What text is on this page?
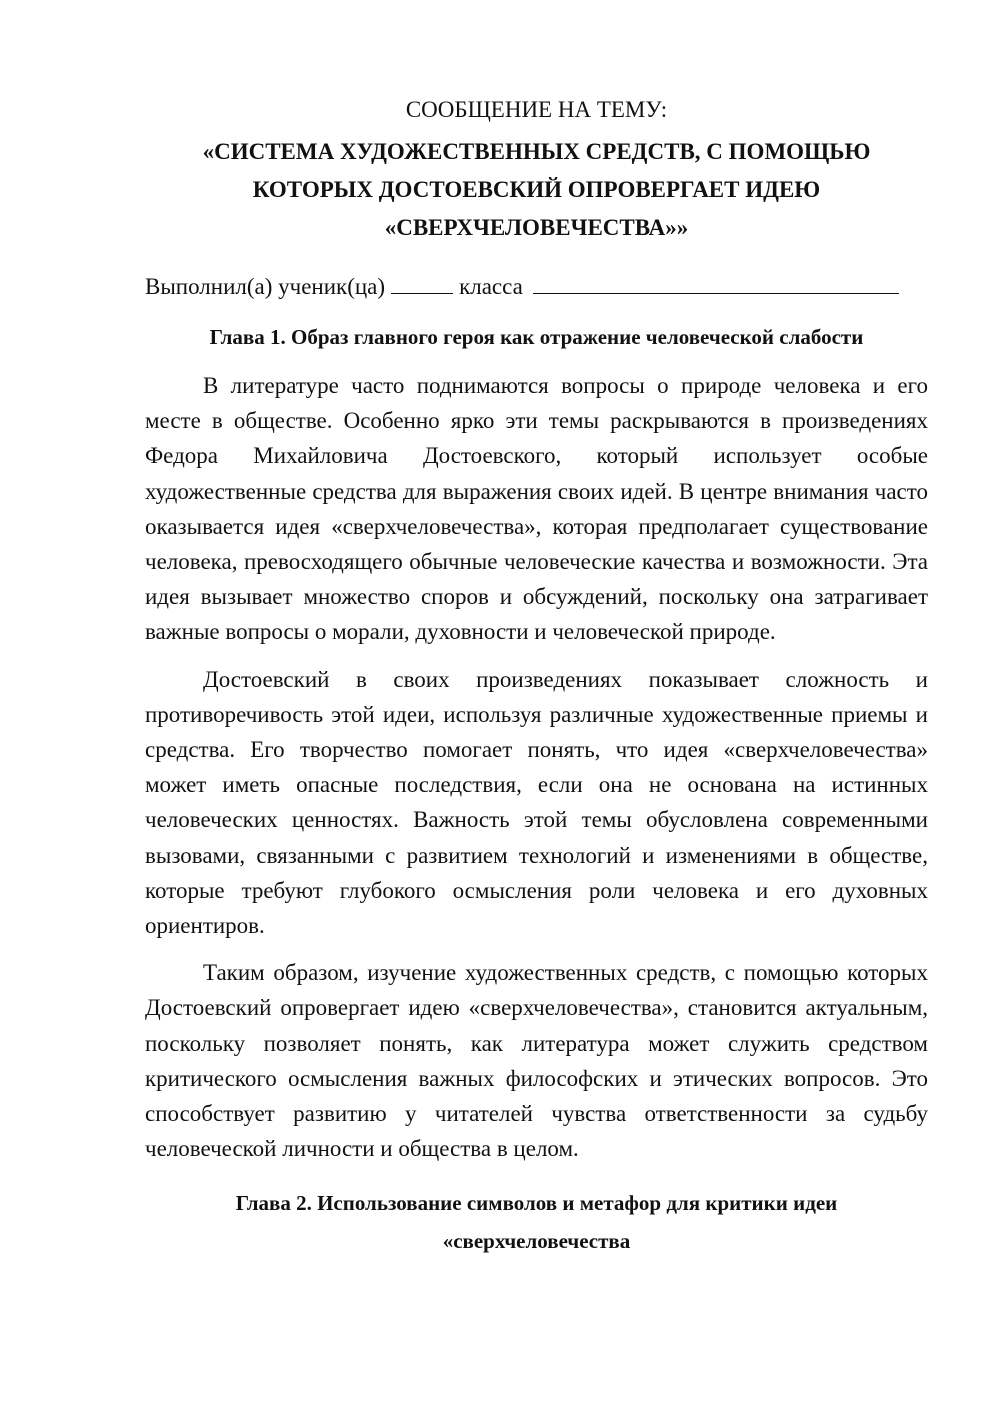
СООБЩЕНИЕ НА ТЕМУ:

«СИСТЕМА ХУДОЖЕСТВЕННЫХ СРЕДСТВ, С ПОМОЩЬЮ
КОТОРЫХ ДОСТОЕВСКИЙ ОПРОВЕРГАЕТ ИДЕЮ
«СВЕРХЧЕЛОВЕЧЕСТВА»»
Выполнил(а) ученик(ца)	класса
Глава 1. Образ главного героя как отражение человеческой слабости

В литературе часто поднимаются вопросы о природе человека и его месте в обществе. Особенно ярко эти темы раскрываются в произведениях Федора Михайловича Достоевского, который использует особые художественные средства для выражения своих идей. В центре внимания часто оказывается идея «сверхчеловечества», которая предполагает существование человека, превосходящего обычные человеческие качества и возможности. Эта идея вызывает множество споров и обсуждений, поскольку она затрагивает важные вопросы о морали, духовности и человеческой природе.

Достоевский в своих произведениях показывает сложность и противоречивость этой идеи, используя различные художественные приемы и средства. Его творчество помогает понять, что идея «сверхчеловечества» может иметь опасные последствия, если она не основана на истинных человеческих ценностях. Важность этой темы обусловлена современными вызовами, связанными с развитием технологий и изменениями в обществе, которые требуют глубокого осмысления роли человека и его духовных ориентиров.

Таким образом, изучение художественных средств, с помощью которых Достоевский опровергает идею «сверхчеловечества», становится актуальным, поскольку позволяет понять, как литература может служить средством критического осмысления важных философских и этических вопросов. Это способствует развитию у читателей чувства ответственности за судьбу человеческой личности и общества в целом.

Глава 2. Использование символов и метафор для критики идеи
«сверхчеловечества
